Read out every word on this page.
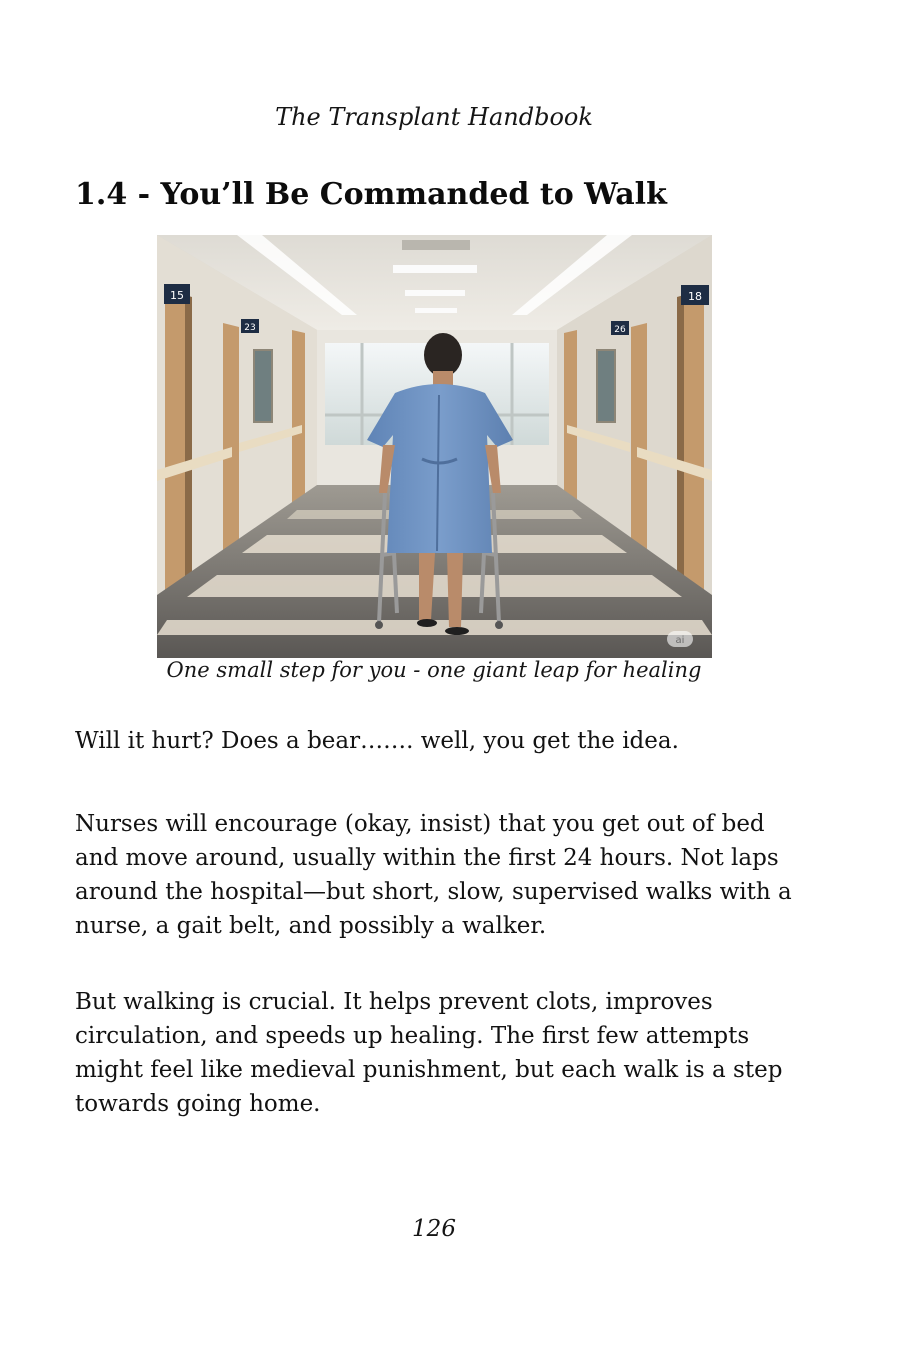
The Transplant Handbook
1.4 - You’ll Be Commanded to Walk
15
23
18
26
ai
One small step for you - one giant leap for healing

Will it hurt? Does a bear……. well, you get the idea.

Nurses will encourage (okay, insist) that you get out of bed and move around, usually within the first 24 hours. Not laps around the hospital—but short, slow, supervised walks with a nurse, a gait belt, and possibly a walker.

But walking is crucial. It helps prevent clots, improves circulation, and speeds up healing. The first few attempts might feel like medieval punishment, but each walk is a step towards going home.

126
